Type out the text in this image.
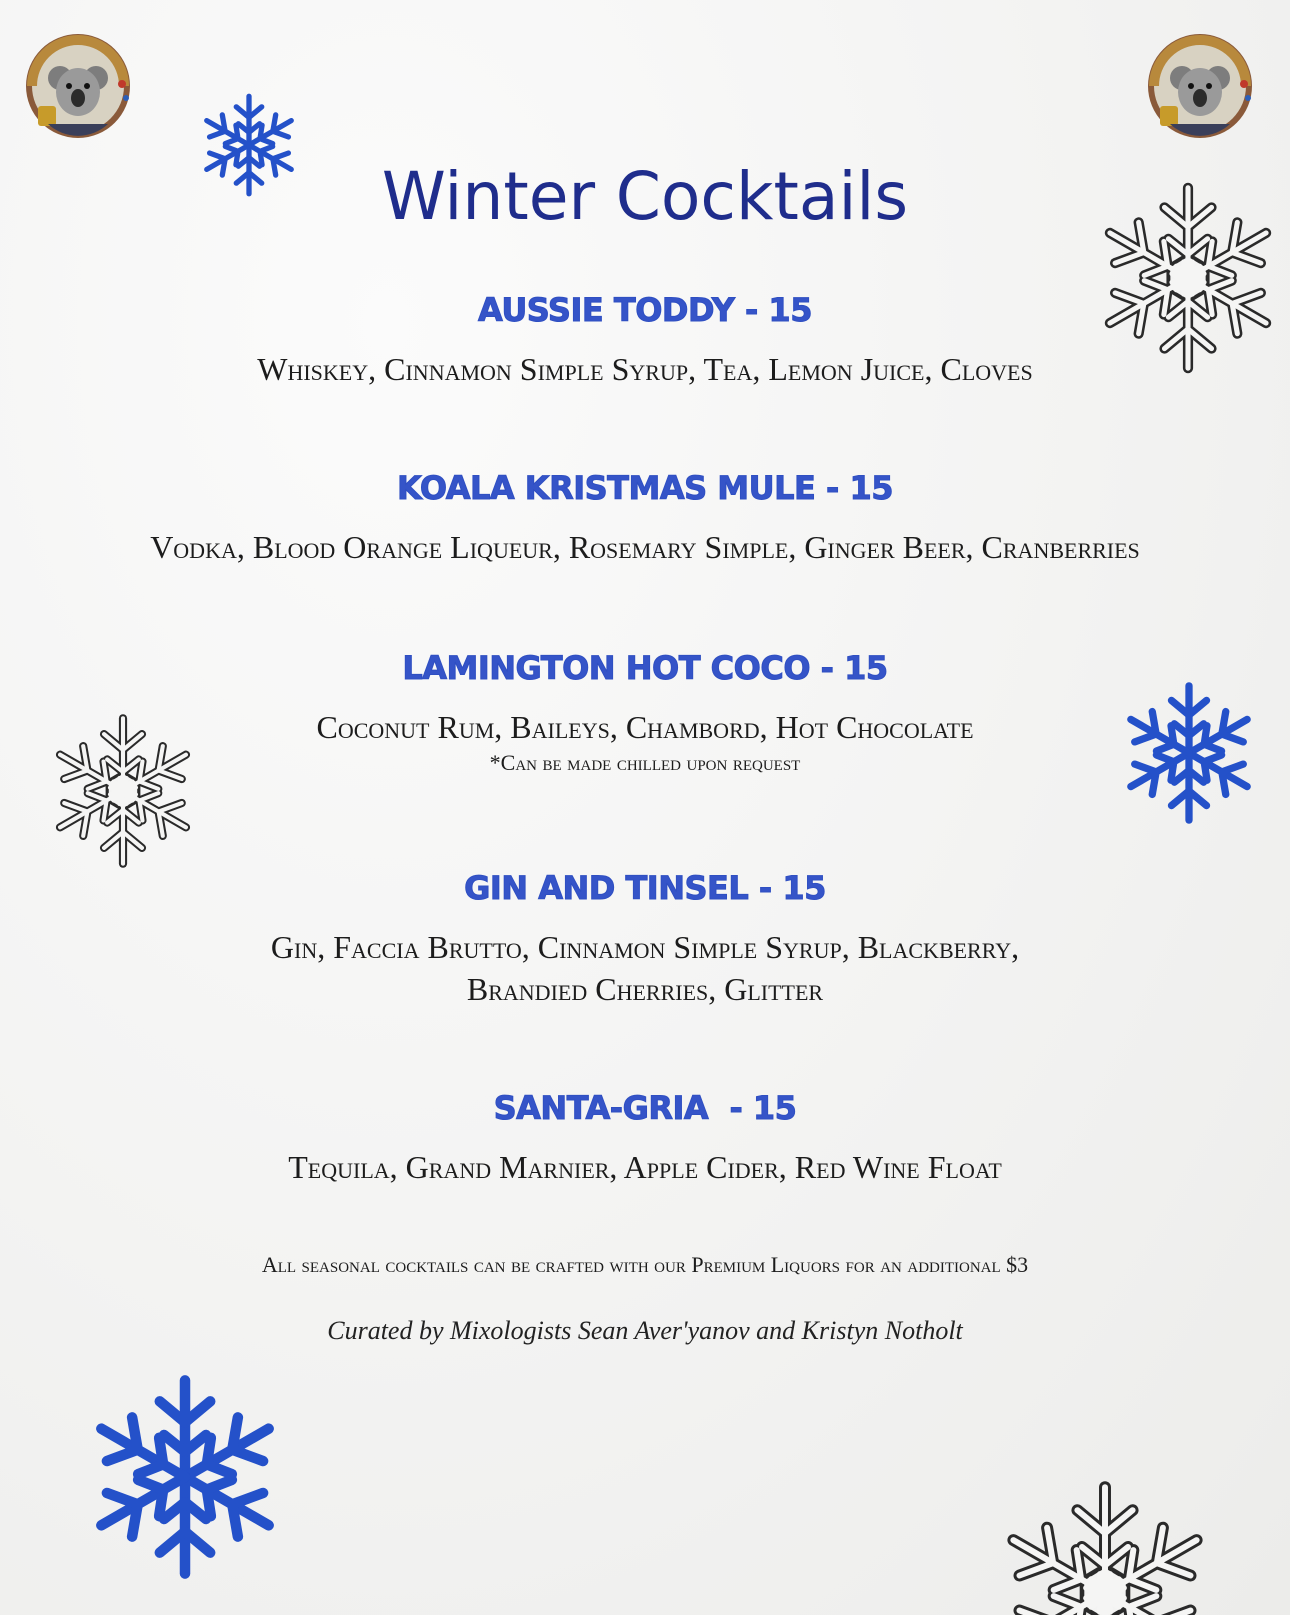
Winter Cocktails
AUSSIE TODDY - 15
Whiskey, Cinnamon Simple Syrup, Tea, Lemon Juice, Cloves
KOALA KRISTMAS MULE - 15
Vodka, Blood Orange Liqueur, Rosemary Simple, Ginger Beer, Cranberries
LAMINGTON HOT COCO - 15
Coconut Rum, Baileys, Chambord, Hot Chocolate
*Can be made chilled upon request
GIN AND TINSEL - 15
Gin, Faccia Brutto, Cinnamon Simple Syrup, Blackberry,
Brandied Cherries, Glitter
SANTA-GRIA  - 15
Tequila, Grand Marnier, Apple Cider, Red Wine Float
All seasonal cocktails can be crafted with our Premium Liquors for an additional $3
Curated by Mixologists Sean Aver'yanov and Kristyn Notholt
